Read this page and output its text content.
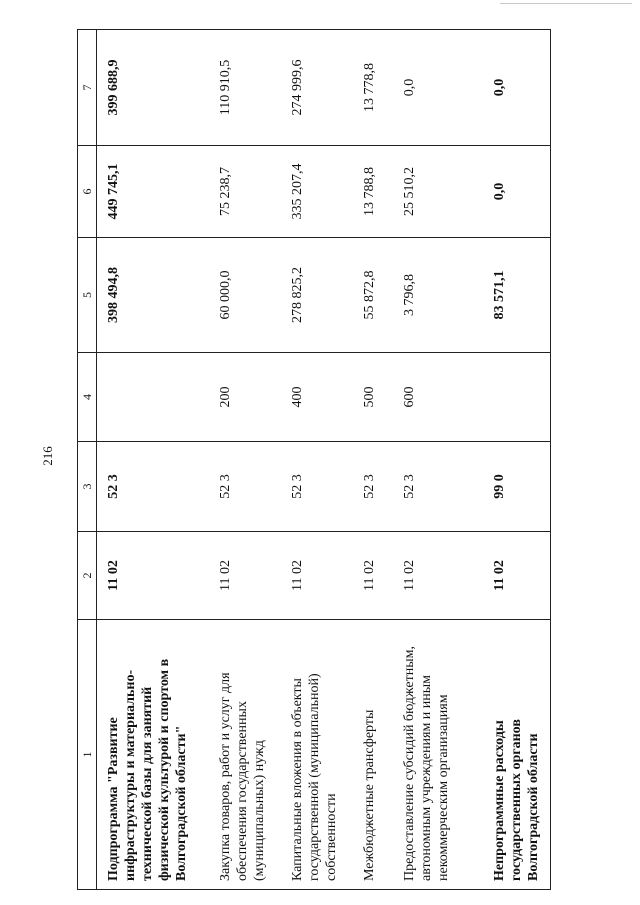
216
1	2	3	4	5	6	7
Подпрограмма "Развитие инфраструктуры и материально-технической базы для занятий физической культурой и спортом в Волгоградской области"	11 02	52 3		398 494,8	449 745,1	399 688,9
Закупка товаров, работ и услуг для обеспечения государственных (муниципальных) нужд	11 02	52 3	200	60 000,0	75 238,7	110 910,5
Капитальные вложения в объекты государственной (муниципальной) собственности	11 02	52 3	400	278 825,2	335 207,4	274 999,6
Межбюджетные трансферты	11 02	52 3	500	55 872,8	13 788,8	13 778,8
Предоставление субсидий бюджетным, автономным учреждениям и иным некоммерческим организациям	11 02	52 3	600	3 796,8	25 510,2	0,0
Непрограммные расходы государственных органов Волгоградской области	11 02	99 0		83 571,1	0,0	0,0
